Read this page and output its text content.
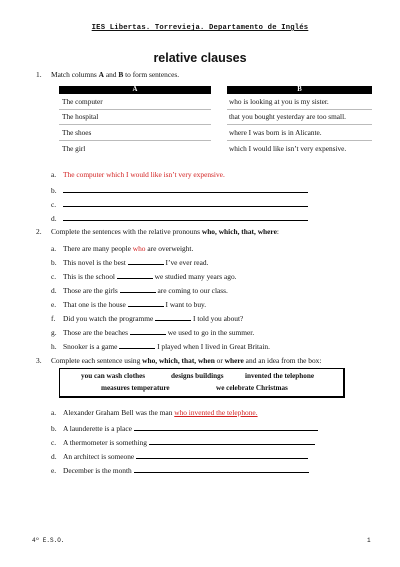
IES Libertas. Torrevieja. Departamento de Inglés
relative clauses
1. Match columns A and B to form sentences.
A	B
The computer	who is looking at you is my sister.
The hospital	that you bought yesterday are too small.
The shoes	where I was born is in Alicante.
The girl	which I would like isn’t very expensive.
a. The computer which I would like isn’t very expensive.
b.
c.
d.
2. Complete the sentences with the relative pronouns who, which, that, where:
a. There are many people who are overweight.
b. This novel is the best	I’ve ever read.
c. This is the school	we studied many years ago.
d. Those are the girls	are coming to our class.
e. That one is the house	I want to buy.
f. Did you watch the programme	I told you about?
g. Those are the beaches	we used to go in the summer.
h. Snooker is a game	I played when I lived in Great Britain.
3. Complete each sentence using who, which, that, when or where and an idea from the box:
you can wash clothes	designs buildings	invented the telephone
measures temperature	we celebrate Christmas
a. Alexander Graham Bell was the man who invented the telephone.
b. A launderette is a place
c. A thermometer is something
d. An architect is someone
e. December is the month
4º E.S.O.	1
